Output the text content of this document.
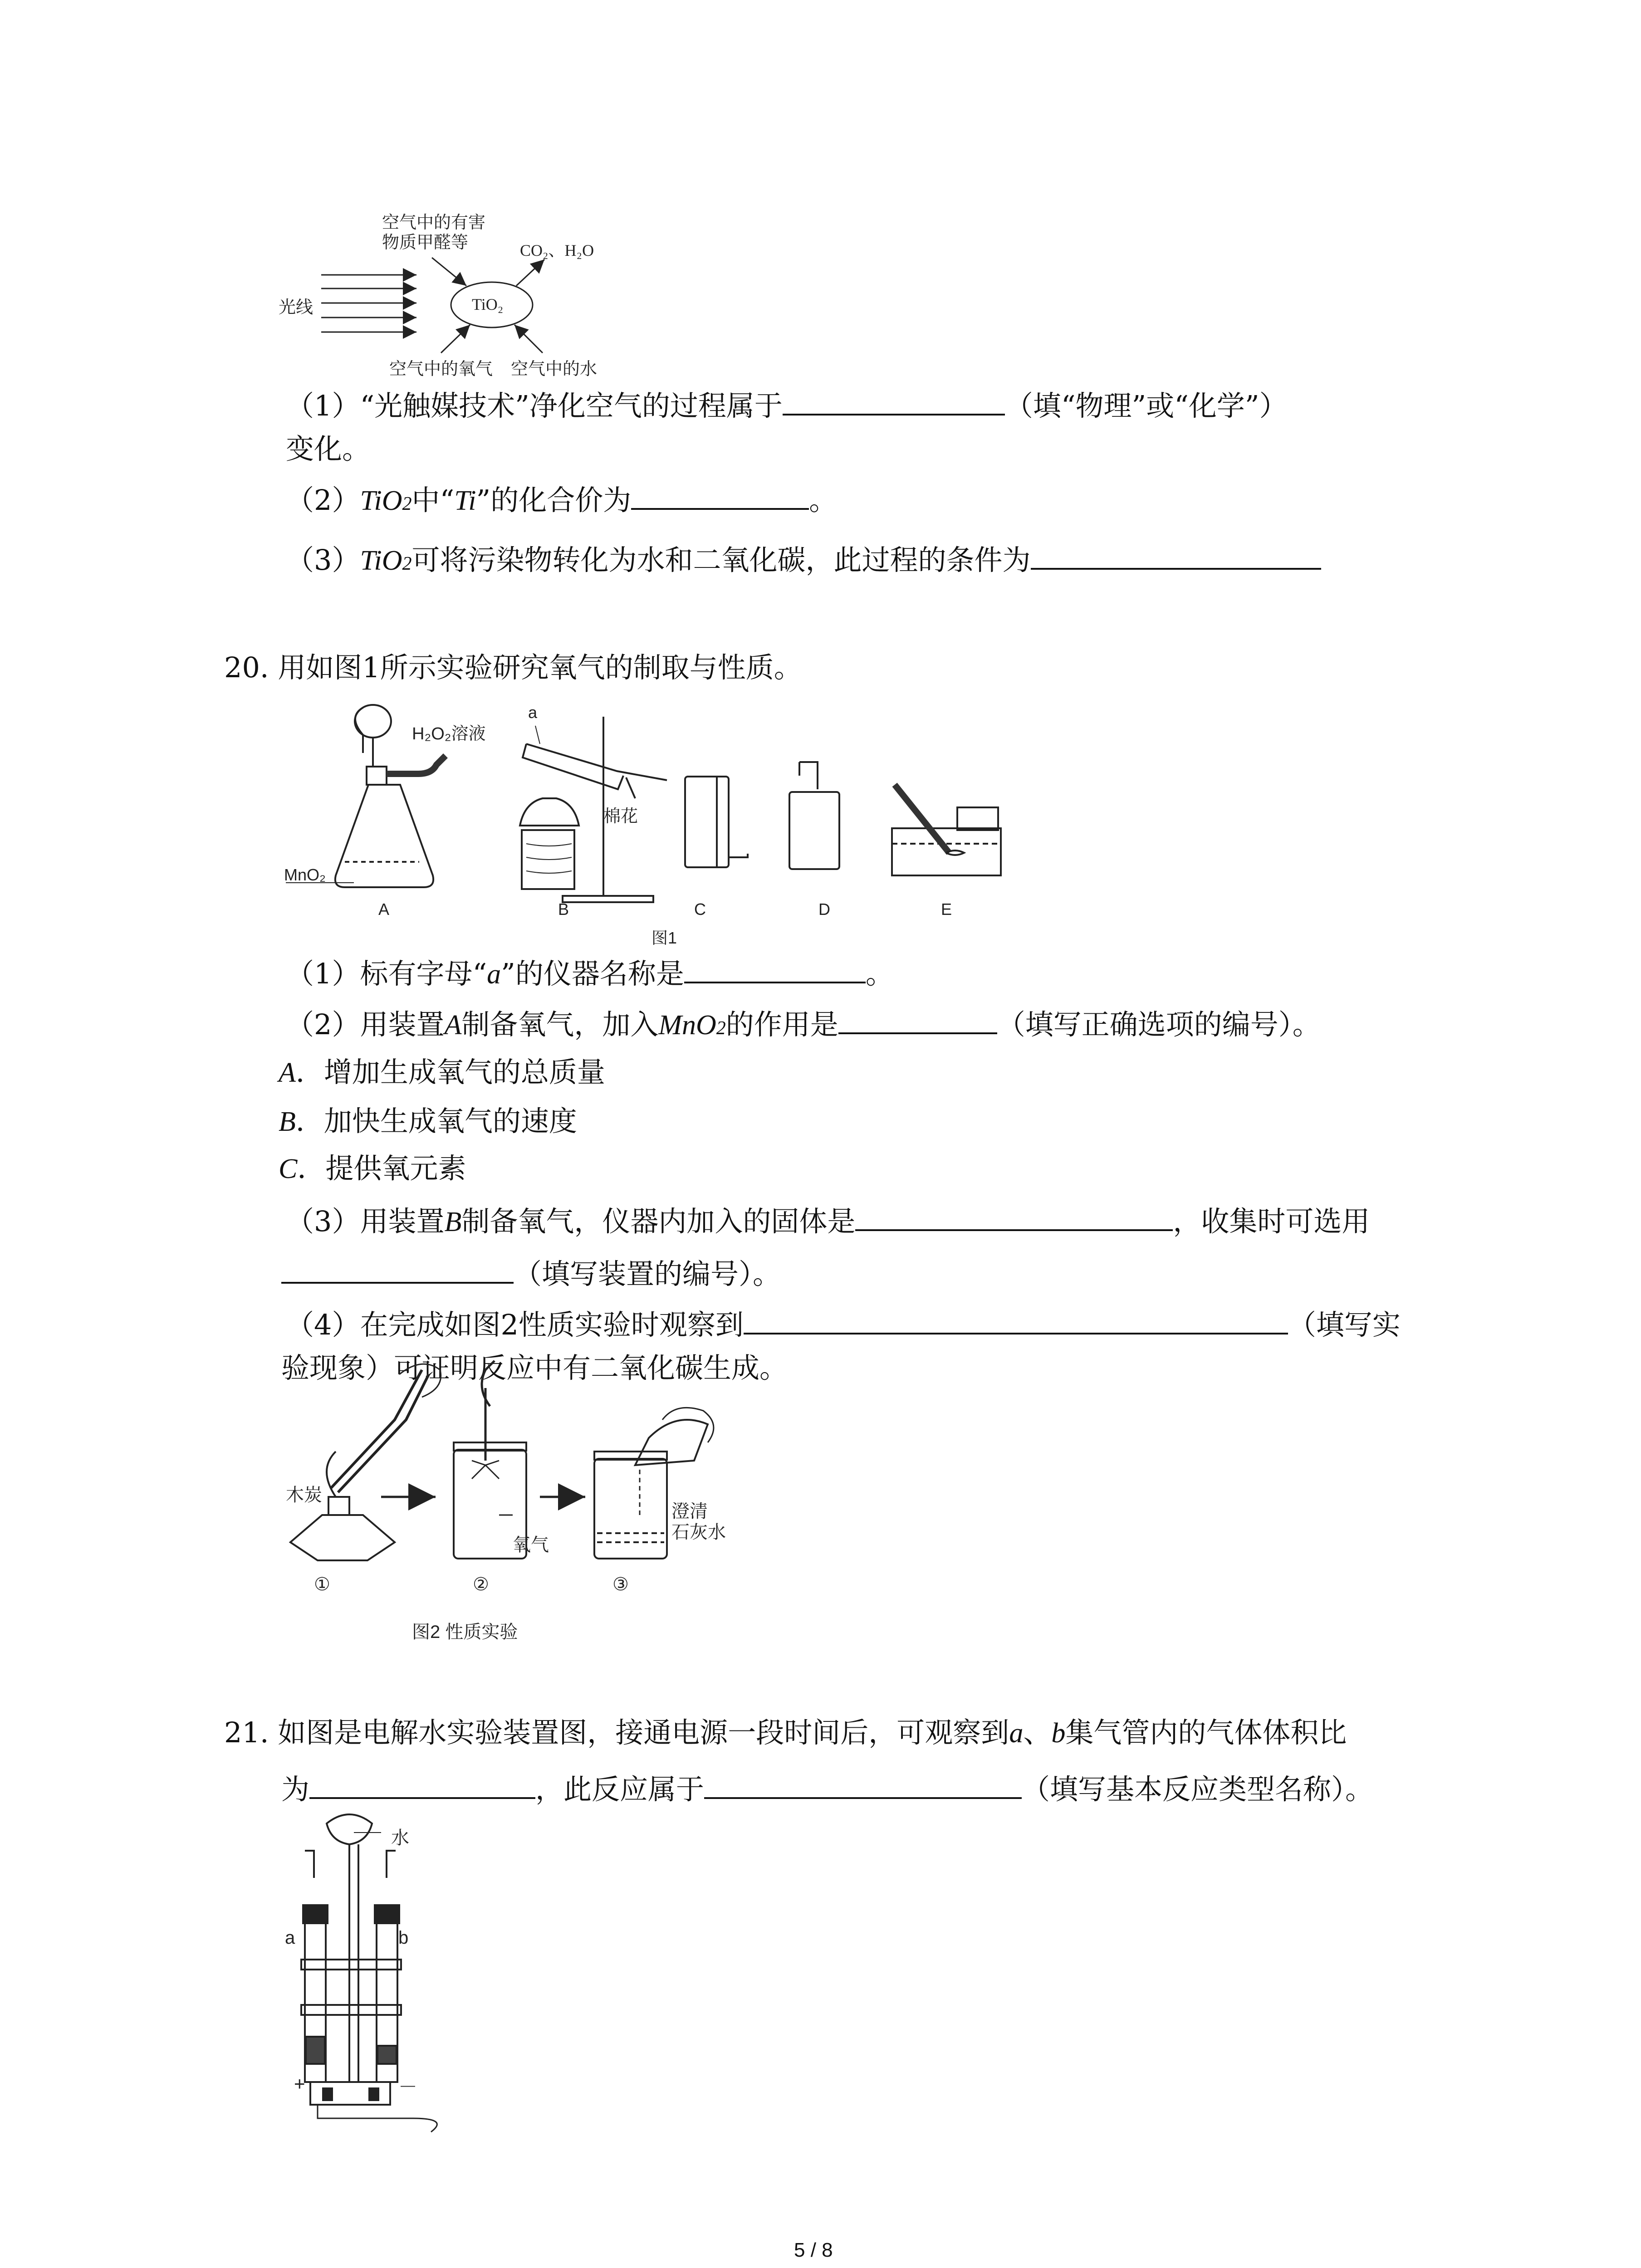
空气中的有害
物质甲醛等	CO₂、H₂O
光线	TiO₂
空气中的氧气 空气中的水
（1）“光触媒技术”净化空气的过程属于	（填“物理”或“化学”）
变化。
（2）TiO2中“Ti”的化合价为	。
（3）TiO2可将污染物转化为水和二氧化碳，此过程的条件为
20. 用如图1所示实验研究氧气的制取与性质。
H₂O₂溶液
MnO₂
a
棉花
A	B	C	D	E
图1
（1）标有字母“a”的仪器名称是	。
（2）用装置A制备氧气，加入MnO2的作用是	（填写正确选项的编号）。
A．增加生成氧气的总质量
B．加快生成氧气的速度
C．提供氧元素
（3）用装置B制备氧气，仪器内加入的固体是	，收集时可选用
（填写装置的编号）。
（4）在完成如图2性质实验时观察到	（填写实
验现象）可证明反应中有二氧化碳生成。
木炭
氧气
澄清
石灰水
①	②	③
图2 性质实验
21. 如图是电解水实验装置图，接通电源一段时间后，可观察到a、b集气管内的气体体积比
为	，此反应属于	（填写基本反应类型名称）。
水
a	b
+	－
5 / 8
